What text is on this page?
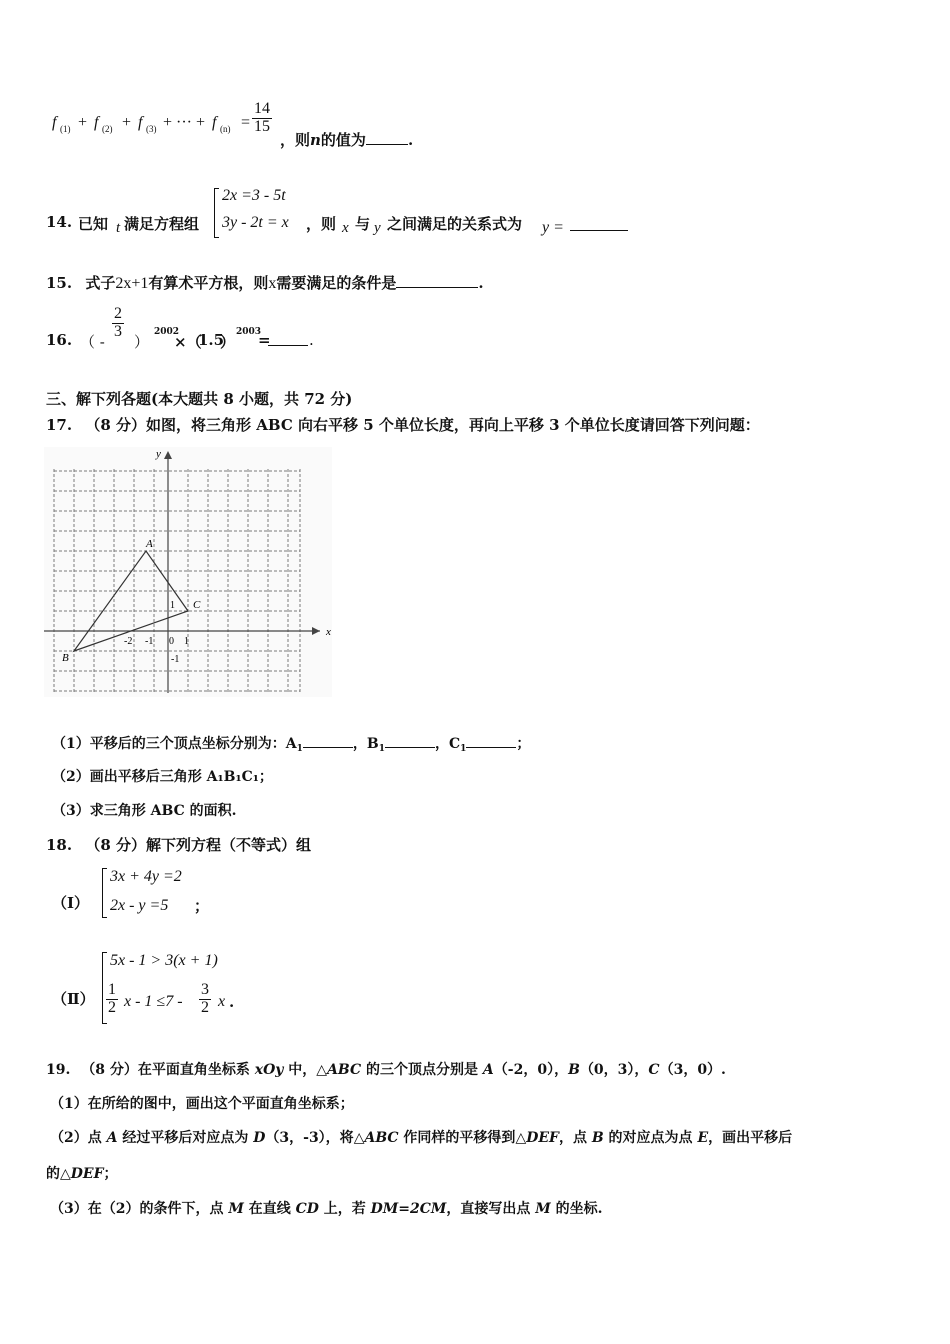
f (1) + f (2) + f (3) + ··· + f $(n) = \frac{14}{15}$
，则n的值为	.
14. 已知 t 满足方程组
2x =3 - 5t
3y - 2t = x ，则 x 与 y 之间满足的关系式为 y =
15. 式子2x+1有算术平方根，则x需要满足的条件是	.
16. （ -
$\frac{2}{3}$
）
2002
×（
1.5
）
2003
=	.
三、解下列各题(本大题共 8 小题，共 72 分)
17. （8 分）如图，将三角形 ABC 向右平移 5 个单位长度，再向上平移 3 个单位长度请回答下列问题：
x
y
A
B
C
-2 -1 0 1
1
-1
（1）平移后的三个顶点坐标分别为：$A_1$	，$B_1$	，$C_1$	；
（2）画出平移后三角形 A₁B₁C₁；
（3）求三角形 ABC 的面积.
18. （8 分）解下列方程（不等式）组
（Ⅰ）
3x + 4y =2
2x - y =5 ；
（Ⅱ）
5x - 1 > 3(x + 1)
$\frac{1}{2}$ $x - 1 \le 7 - \frac{3}{2}$ x .
19. （8 分）在平面直角坐标系 xOy 中，△ABC 的三个顶点分别是 A（-2，0），B（0，3），C（3，0）.
（1）在所给的图中，画出这个平面直角坐标系；
（2）点 A 经过平移后对应点为 D（3，-3），将△ABC 作同样的平移得到△DEF，点 B 的对应点为点 E，画出平移后
的△DEF；
（3）在（2）的条件下，点 M 在直线 CD 上，若 DM=2CM，直接写出点 M 的坐标.
